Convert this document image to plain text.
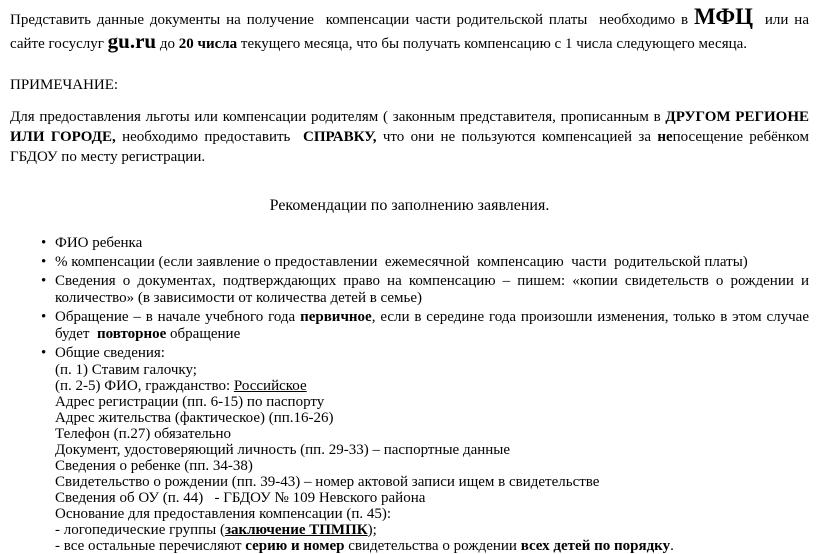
Представить данные документы на получение  компенсации части родительской платы  необходимо в МФЦ  или на сайте госуслуг gu.ru до 20 числа текущего месяца, что бы получать компенсацию с 1 числа следующего месяца.

ПРИМЕЧАНИЕ:

Для предоставления льготы или компенсации родителям ( законным представителя, прописанным в ДРУГОМ РЕГИОНЕ  ИЛИ ГОРОДЕ, необходимо предоставить  СПРАВКУ, что они не пользуются компенсацией за непосещение ребёнком ГБДОУ по месту регистрации.

Рекомендации по заполнению заявления.
• ФИО ребенка
• % компенсации (если заявление о предоставлении  ежемесячной  компенсацию  части  родительской платы)
• Сведения о документах, подтверждающих право на компенсацию – пишем: «копии свидетельств о рождении и количество» (в зависимости от количества детей в семье)
• Обращение – в начале учебного года первичное, если в середине года произошли изменения, только в этом случае будет  повторное обращение
• Общие сведения:
(п. 1) Ставим галочку;
(п. 2-5) ФИО, гражданство: Российское
Адрес регистрации (пп. 6-15) по паспорту
Адрес жительства (фактическое) (пп.16-26)
Телефон (п.27) обязательно
Документ, удостоверяющий личность (пп. 29-33) – паспортные данные
Сведения о ребенке (пп. 34-38)
Свидетельство о рождении (пп. 39-43) – номер актовой записи ищем в свидетельстве
Сведения об ОУ (п. 44)   - ГБДОУ № 109 Невского района
Основание для предоставления компенсации (п. 45):
- логопедические группы (заключение ТПМПК);
- все остальные перечисляют серию и номер свидетельства о рождении всех детей по порядку.
